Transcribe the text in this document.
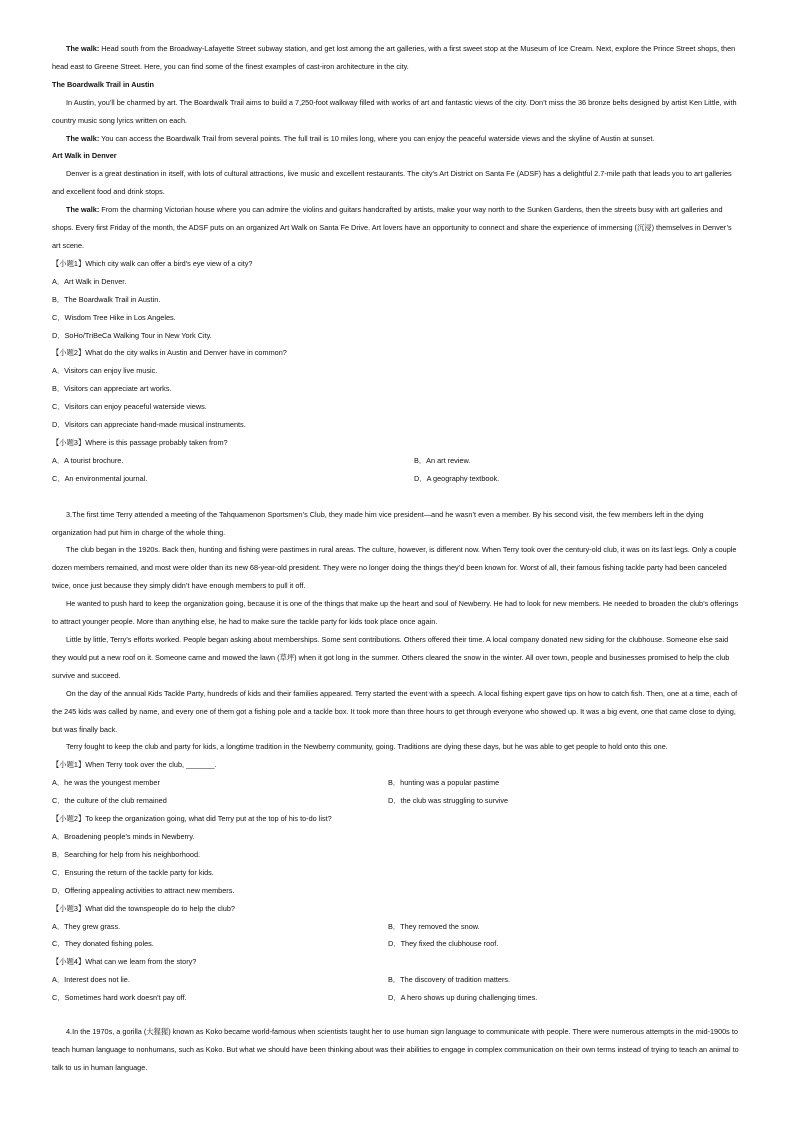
The walk: Head south from the Broadway-Lafayette Street subway station, and get lost among the art galleries, with a first sweet stop at the Museum of Ice Cream. Next, explore the Prince Street shops, then head east to Greene Street. Here, you can find some of the finest examples of cast-iron architecture in the city.

The Boardwalk Trail in Austin

In Austin, you’ll be charmed by art. The Boardwalk Trail aims to build a 7,250-foot walkway filled with works of art and fantastic views of the city. Don’t miss the 36 bronze belts designed by artist Ken Little, with country music song lyrics written on each.

The walk: You can access the Boardwalk Trail from several points. The full trail is 10 miles long, where you can enjoy the peaceful waterside views and the skyline of Austin at sunset.

Art Walk in Denver

Denver is a great destination in itself, with lots of cultural attractions, live music and excellent restaurants. The city’s Art District on Santa Fe (ADSF) has a delightful 2.7-mile path that leads you to art galleries and excellent food and drink stops.

The walk: From the charming Victorian house where you can admire the violins and guitars handcrafted by artists, make your way north to the Sunken Gardens, then the streets busy with art galleries and shops. Every first Friday of the month, the ADSF puts on an organized Art Walk on Santa Fe Drive. Art lovers have an opportunity to connect and share the experience of immersing (沉浸) themselves in Denver’s art scene.

【小题1】Which city walk can offer a bird’s eye view of a city?

A．Art Walk in Denver.

B．The Boardwalk Trail in Austin.

C．Wisdom Tree Hike in Los Angeles.

D．SoHo/TriBeCa Walking Tour in New York City.

【小题2】What do the city walks in Austin and Denver have in common?

A．Visitors can enjoy live music.

B．Visitors can appreciate art works.

C．Visitors can enjoy peaceful waterside views.

D．Visitors can appreciate hand-made musical instruments.

【小题3】Where is this passage probably taken from?

A．A tourist brochure.	B．An art review.
C．An environmental journal.	D．A geography textbook.

3.The first time Terry attended a meeting of the Tahquamenon Sportsmen’s Club, they made him vice president—and he wasn’t even a member. By his second visit, the few members left in the dying organization had put him in charge of the whole thing.

The club began in the 1920s. Back then, hunting and fishing were pastimes in rural areas. The culture, however, is different now. When Terry took over the century-old club, it was on its last legs. Only a couple dozen members remained, and most were older than its new 68-year-old president. They were no longer doing the things they’d been known for. Worst of all, their famous fishing tackle party had been canceled twice, once just because they simply didn’t have enough members to pull it off.

He wanted to push hard to keep the organization going, because it is one of the things that make up the heart and soul of Newberry. He had to look for new members. He needed to broaden the club’s offerings to attract younger people. More than anything else, he had to make sure the tackle party for kids took place once again.

Little by little, Terry’s efforts worked. People began asking about memberships. Some sent contributions. Others offered their time. A local company donated new siding for the clubhouse. Someone else said they would put a new roof on it. Someone came and mowed the lawn (草坪) when it got long in the summer. Others cleared the snow in the winter. All over town, people and businesses promised to help the club survive and succeed.

On the day of the annual Kids Tackle Party, hundreds of kids and their families appeared. Terry started the event with a speech. A local fishing expert gave tips on how to catch fish. Then, one at a time, each of the 245 kids was called by name, and every one of them got a fishing pole and a tackle box. It took more than three hours to get through everyone who showed up. It was a big event, one that came close to dying, but was finally back.

Terry fought to keep the club and party for kids, a longtime tradition in the Newberry community, going. Traditions are dying these days, but he was able to get people to hold onto this one.

【小题1】When Terry took over the club, _______.

A．he was the youngest member	B．hunting was a popular pastime
C．the culture of the club remained	D．the club was struggling to survive

【小题2】To keep the organization going, what did Terry put at the top of his to-do list?

A．Broadening people’s minds in Newberry.

B．Searching for help from his neighborhood.

C．Ensuring the return of the tackle party for kids.

D．Offering appealing activities to attract new members.

【小题3】What did the townspeople do to help the club?

A．They grew grass.	B．They removed the snow.
C．They donated fishing poles.	D．They fixed the clubhouse roof.

【小题4】What can we learn from the story?

A．Interest does not lie.	B．The discovery of tradition matters.
C．Sometimes hard work doesn’t pay off.	D．A hero shows up during challenging times.

4.In the 1970s, a gorilla (大猩猩) known as Koko became world-famous when scientists taught her to use human sign language to communicate with people. There were numerous attempts in the mid-1900s to teach human language to nonhumans, such as Koko. But what we should have been thinking about was their abilities to engage in complex communication on their own terms instead of trying to teach an animal to talk to us in human language.
